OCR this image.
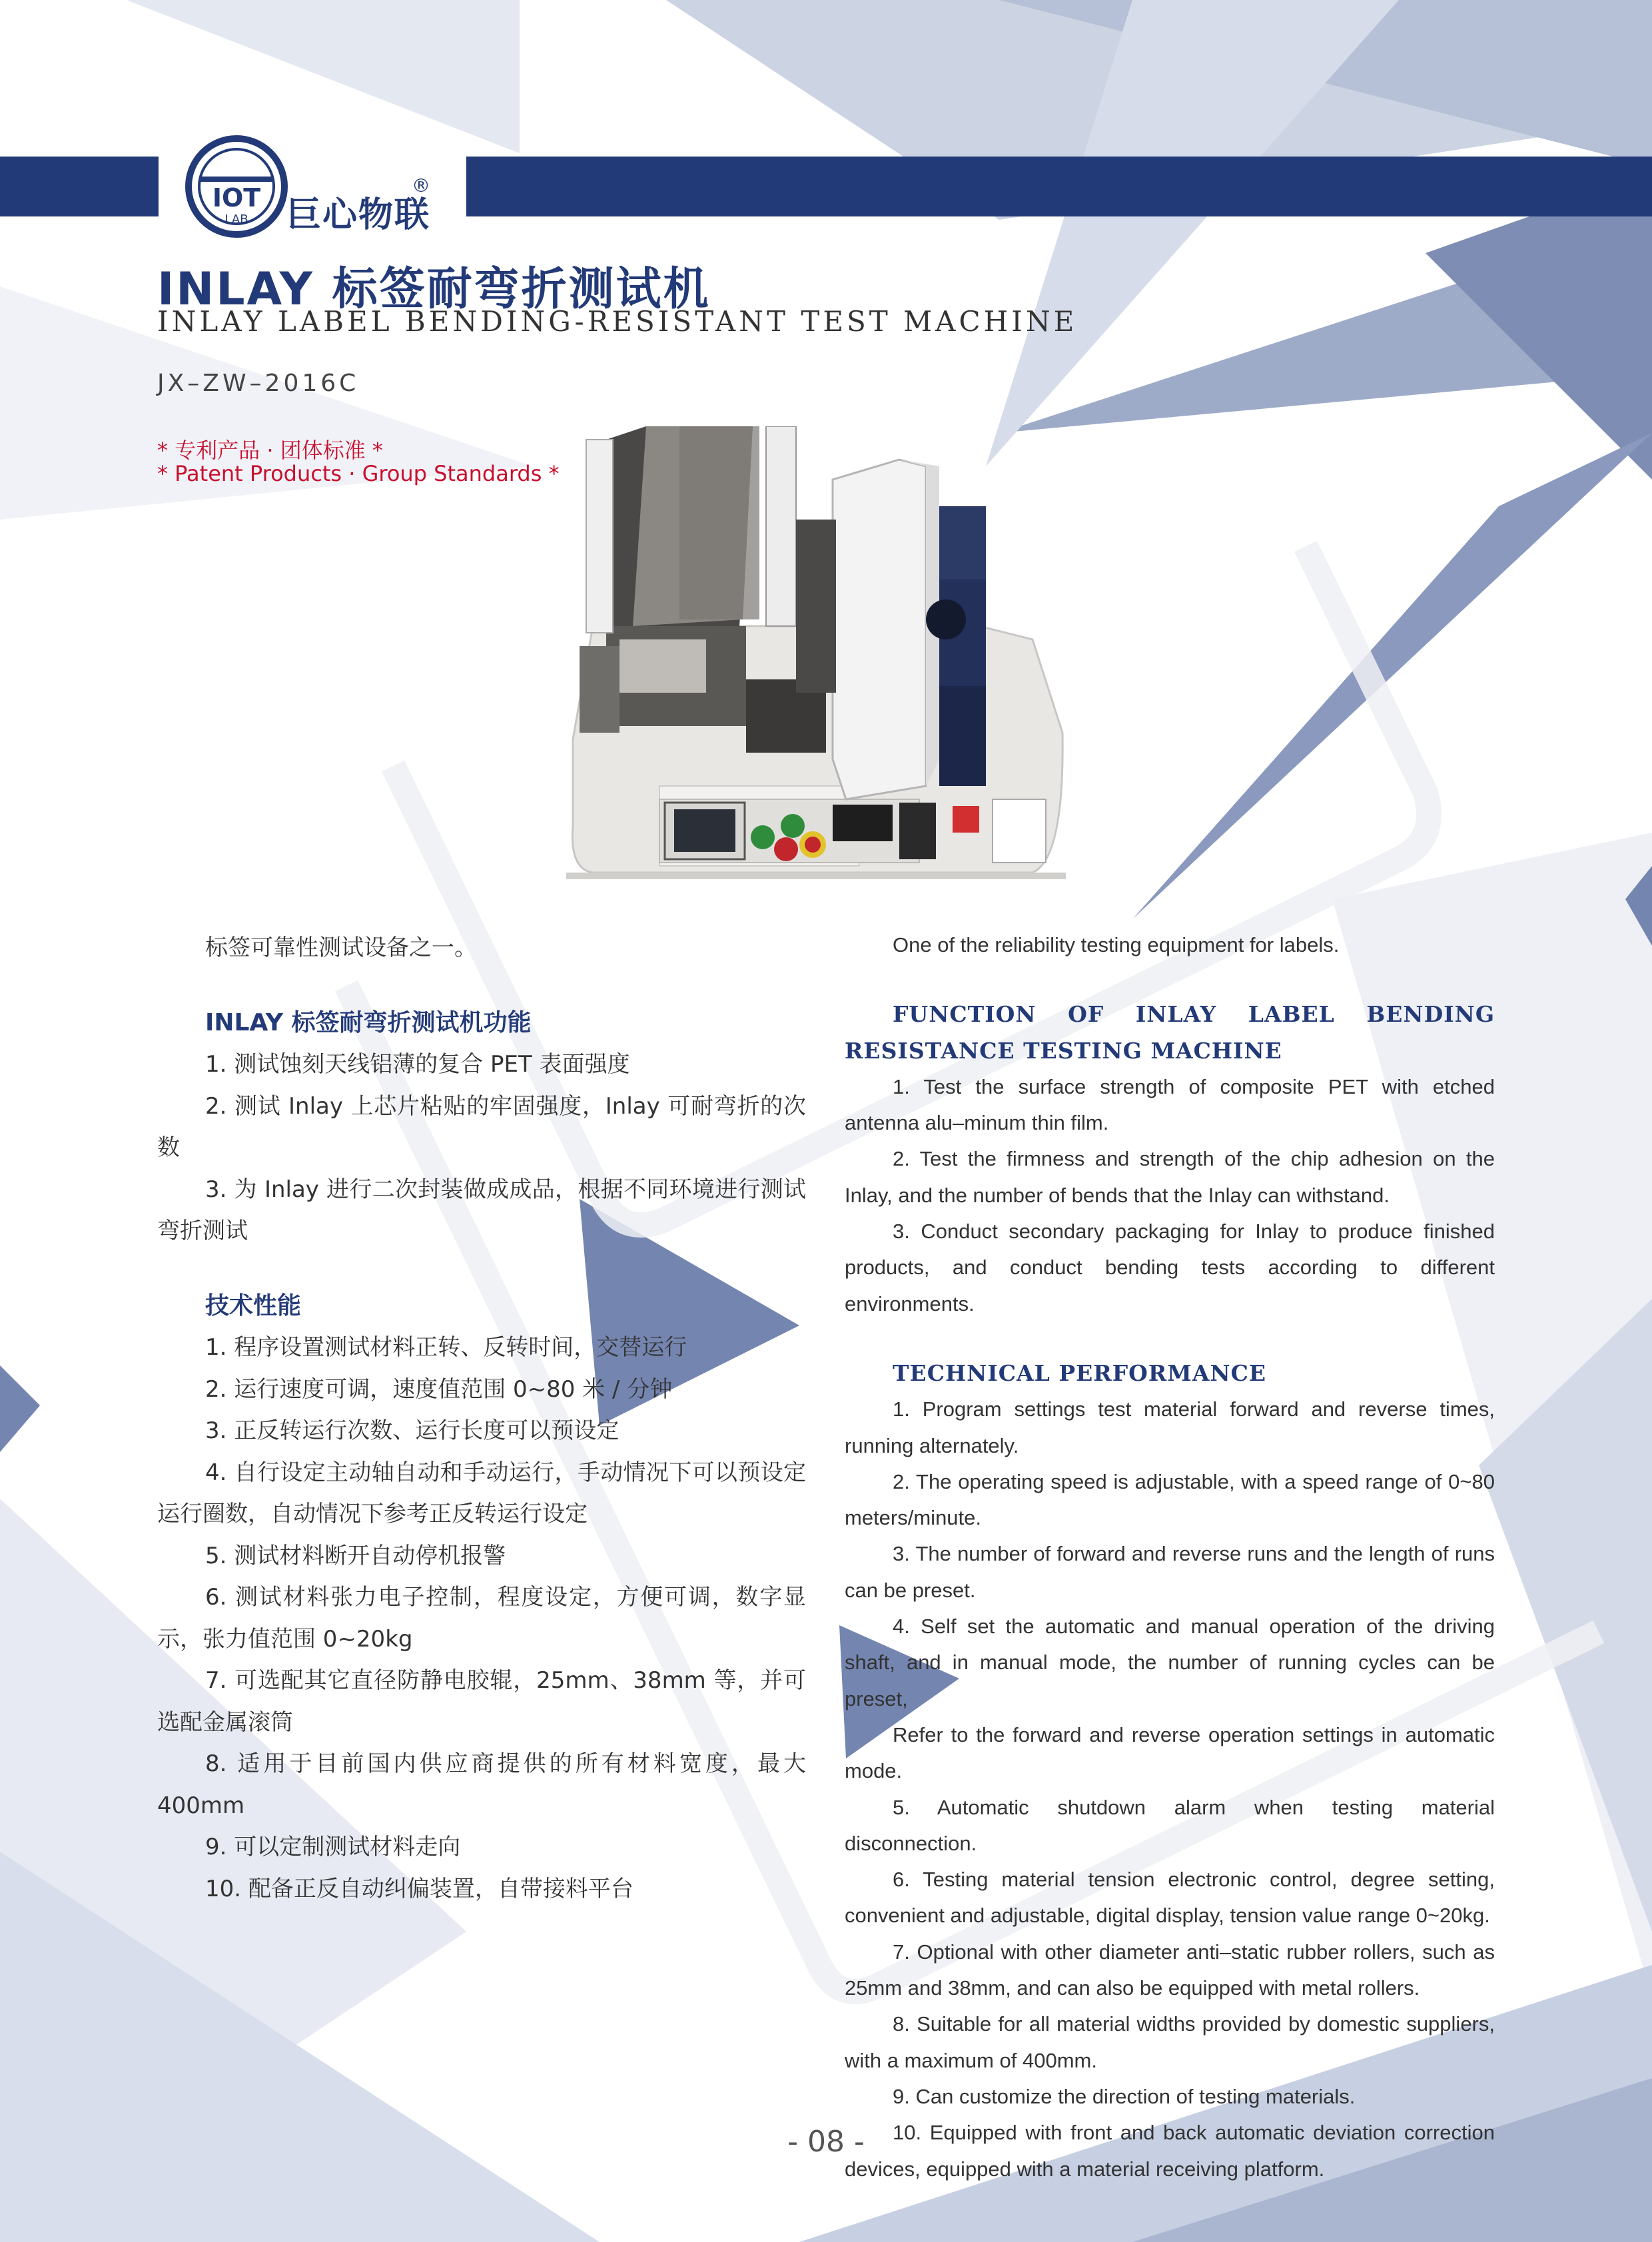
IOT
LAB 巨心物联
®
INLAY 标签耐弯折测试机
INLAY LABEL BENDING-RESISTANT TEST MACHINE
JX–ZW–2016C
* 专利产品 · 团体标准 *
* Patent Products · Group Standards *

标签可靠性测试设备之一。

INLAY 标签耐弯折测试机功能

1. 测试蚀刻天线铝薄的复合 PET 表面强度

2. 测试 Inlay 上芯片粘贴的牢固强度，Inlay 可耐弯折的次数

3. 为 Inlay 进行二次封装做成成品，根据不同环境进行测试弯折测试

技术性能

1. 程序设置测试材料正转、反转时间，交替运行

2. 运行速度可调，速度值范围 0~80 米 / 分钟

3. 正反转运行次数、运行长度可以预设定

4. 自行设定主动轴自动和手动运行，手动情况下可以预设定运行圈数，自动情况下参考正反转运行设定

5. 测试材料断开自动停机报警

6. 测试材料张力电子控制，程度设定，方便可调，数字显示，张力值范围 0~20kg

7. 可选配其它直径防静电胶辊，25mm、38mm 等，并可选配金属滚筒

8. 适用于目前国内供应商提供的所有材料宽度，最大400mm

9. 可以定制测试材料走向

10. 配备正反自动纠偏装置，自带接料平台

One of the reliability testing equipment for labels.

FUNCTION OF INLAY LABEL BENDING RESISTANCE TESTING MACHINE

1. Test the surface strength of composite PET with etched antenna alu–minum thin film.

2. Test the firmness and strength of the chip adhesion on the Inlay, and the number of bends that the Inlay can withstand.

3. Conduct secondary packaging for Inlay to produce finished products, and conduct bending tests according to different environments.

TECHNICAL PERFORMANCE

1. Program settings test material forward and reverse times, running alternately.

2. The operating speed is adjustable, with a speed range of 0~80 meters/minute.

3. The number of forward and reverse runs and the length of runs can be preset.

4. Self set the automatic and manual operation of the driving shaft, and in manual mode, the number of running cycles can be preset,

Refer to the forward and reverse operation settings in automatic mode.

5. Automatic shutdown alarm when testing material disconnection.

6. Testing material tension electronic control, degree setting, convenient and adjustable, digital display, tension value range 0~20kg.

7. Optional with other diameter anti–static rubber rollers, such as 25mm and 38mm, and can also be equipped with metal rollers.

8. Suitable for all material widths provided by domestic suppliers, with a maximum of 400mm.

9. Can customize the direction of testing materials.

10. Equipped with front and back automatic deviation correction devices, equipped with a material receiving platform.

- 08 -
